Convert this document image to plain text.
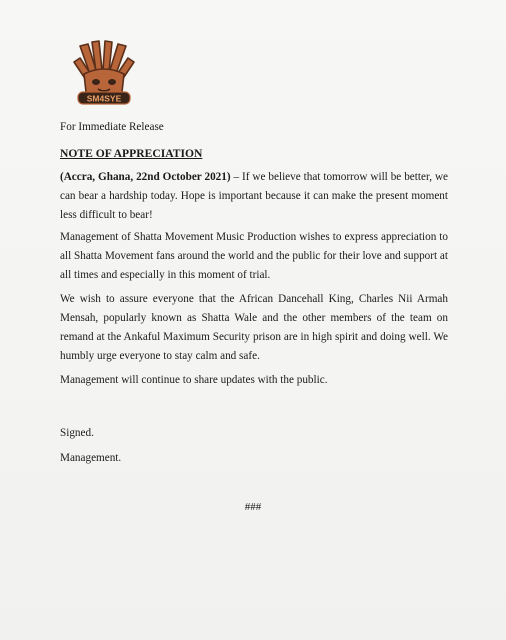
SM4SYE
For Immediate Release
NOTE OF APPRECIATION
(Accra, Ghana, 22nd October 2021) – If we believe that tomorrow will be better, we can bear a hardship today. Hope is important because it can make the present moment less difficult to bear!
Management of Shatta Movement Music Production wishes to express appreciation to all Shatta Movement fans around the world and the public for their love and support at all times and especially in this moment of trial.
We wish to assure everyone that the African Dancehall King, Charles Nii Armah Mensah, popularly known as Shatta Wale and the other members of the team on remand at the Ankaful Maximum Security prison are in high spirit and doing well. We humbly urge everyone to stay calm and safe.
Management will continue to share updates with the public.
Signed.
Management.
###
